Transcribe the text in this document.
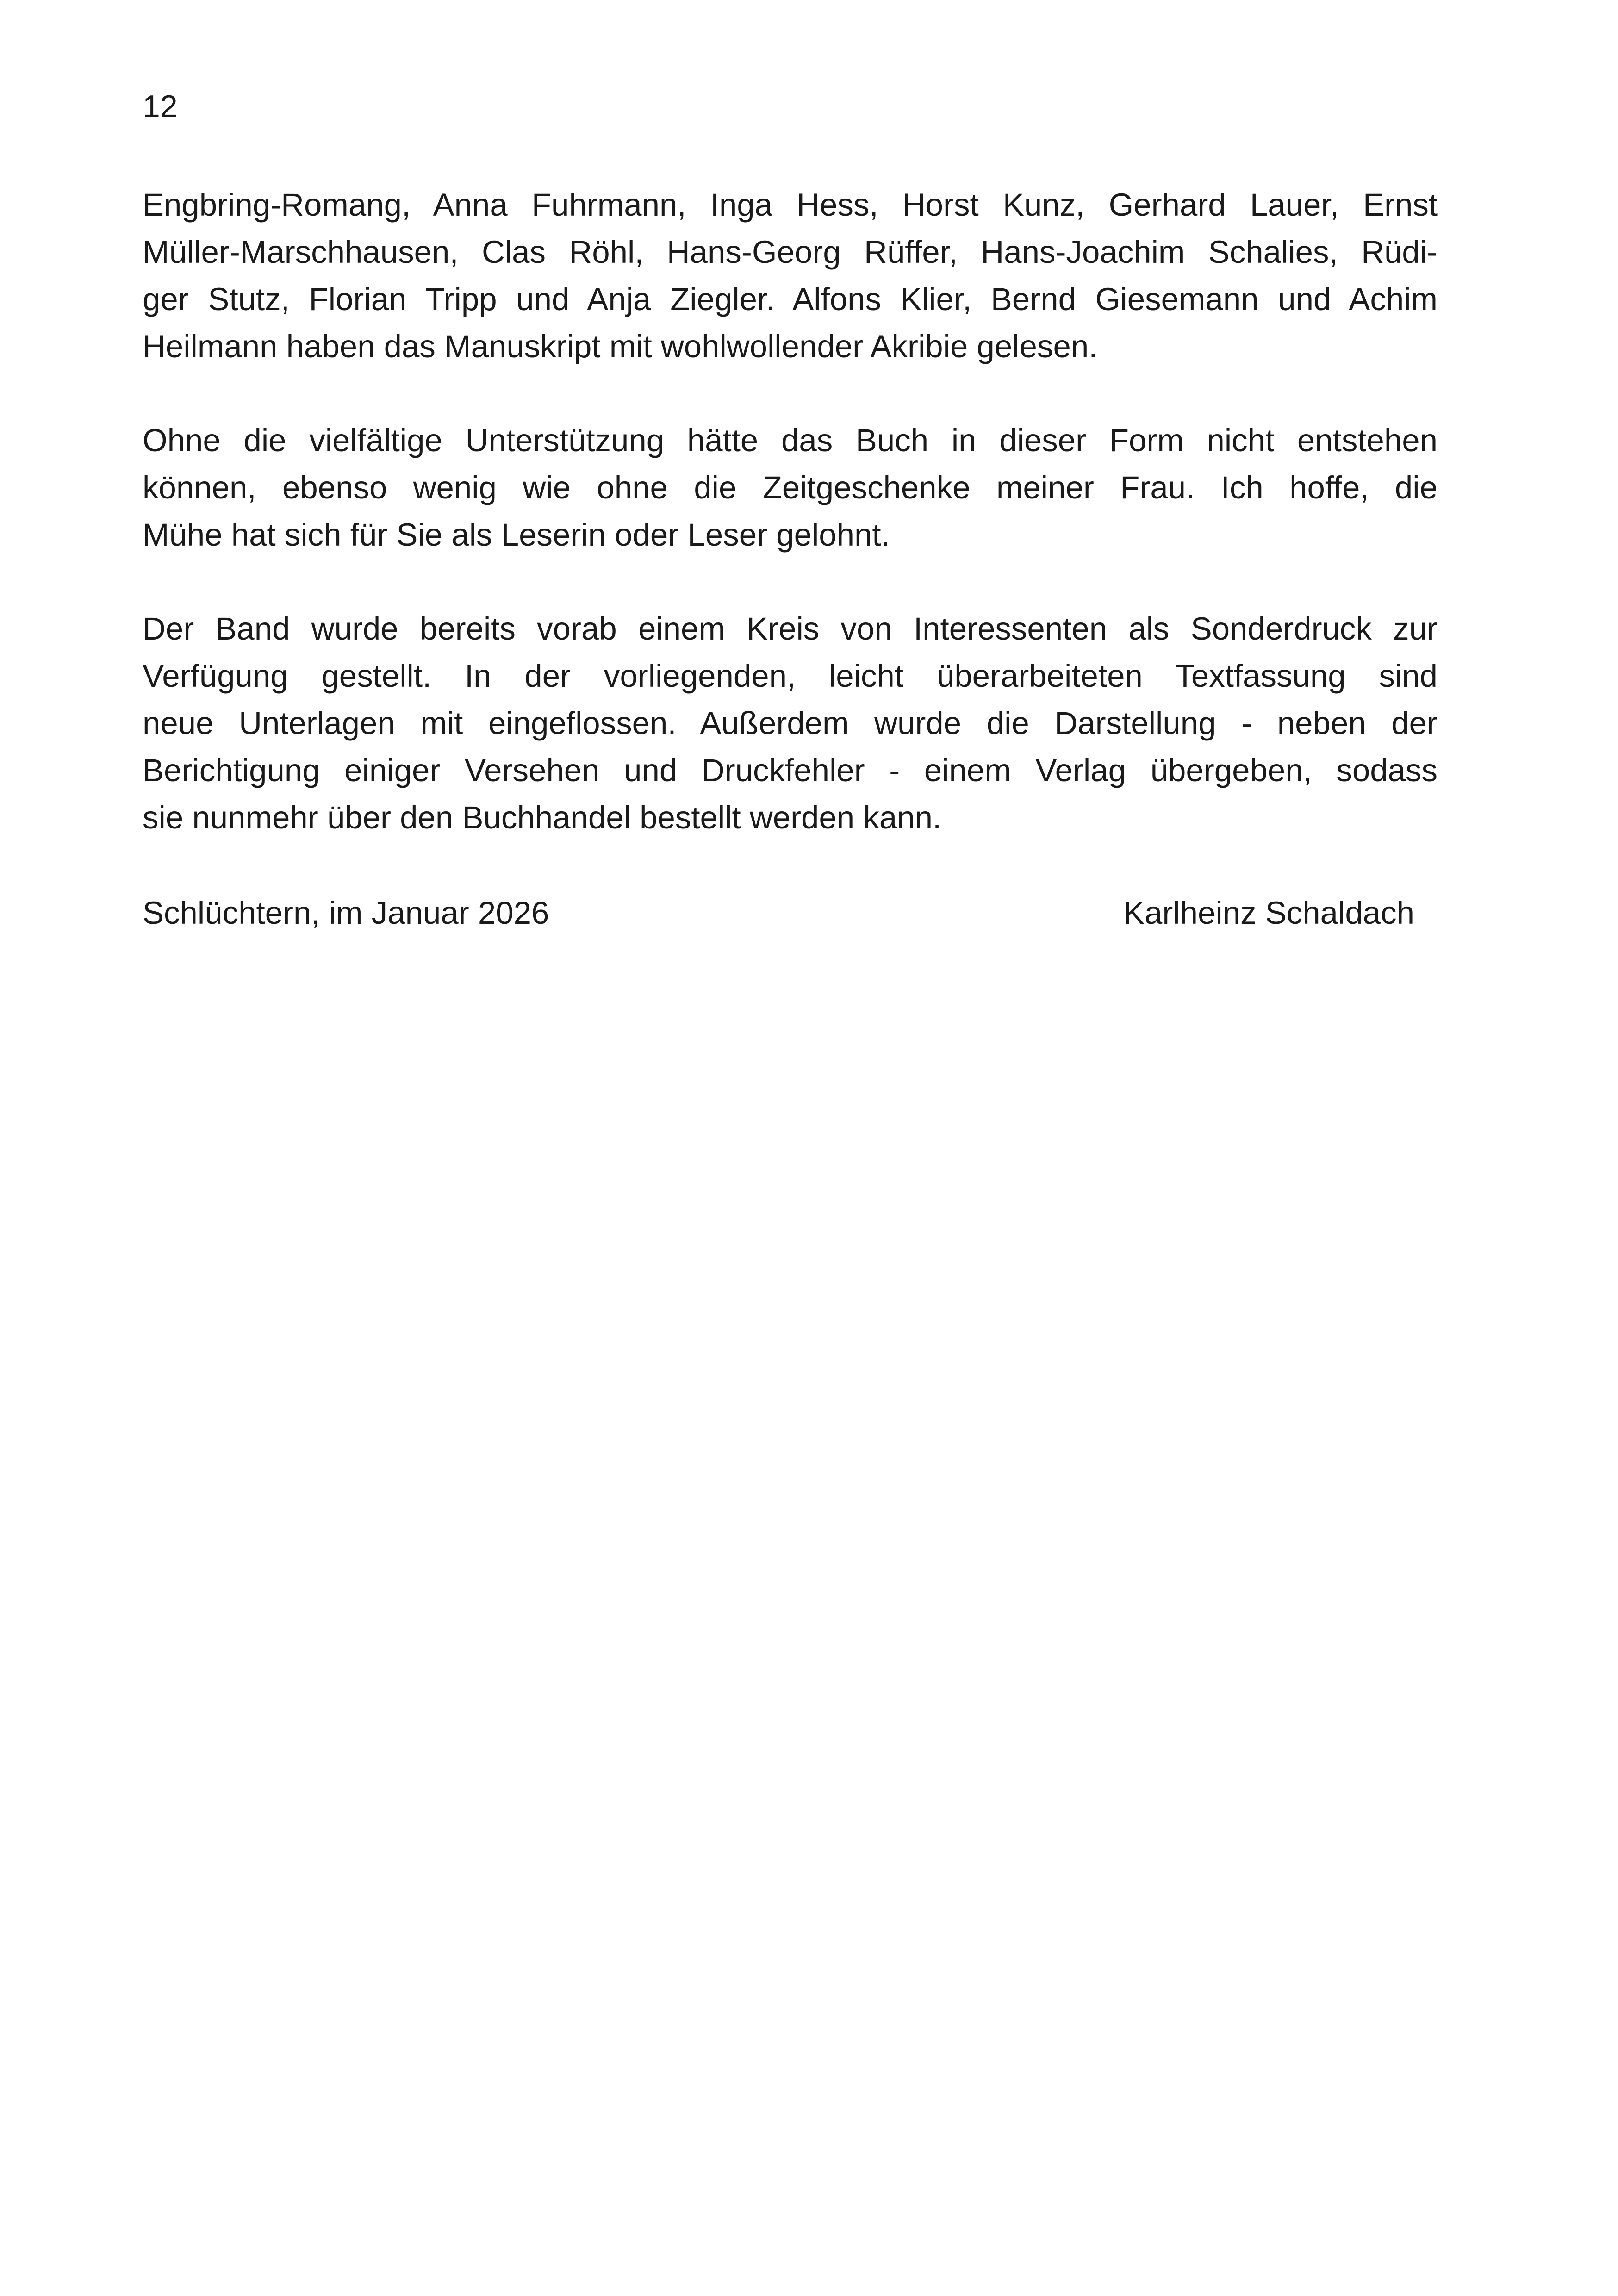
12

Engbring-Romang, Anna Fuhrmann, Inga Hess, Horst Kunz, Gerhard Lauer, Ernst
Müller-Marschhausen, Clas Röhl, Hans-Georg Rüffer, Hans-Joachim Schalies, Rüdi-
ger Stutz, Florian Tripp und Anja Ziegler. Alfons Klier, Bernd Giesemann und Achim
Heilmann haben das Manuskript mit wohlwollender Akribie gelesen.

Ohne die vielfältige Unterstützung hätte das Buch in dieser Form nicht entstehen
können, ebenso wenig wie ohne die Zeitgeschenke meiner Frau. Ich hoffe, die
Mühe hat sich für Sie als Leserin oder Leser gelohnt.

Der Band wurde bereits vorab einem Kreis von Interessenten als Sonderdruck zur
Verfügung gestellt. In der vorliegenden, leicht überarbeiteten Textfassung sind
neue Unterlagen mit eingeflossen. Außerdem wurde die Darstellung - neben der
Berichtigung einiger Versehen und Druckfehler - einem Verlag übergeben, sodass
sie nunmehr über den Buchhandel bestellt werden kann.

Schlüchtern, im Januar 2026	Karlheinz Schaldach
